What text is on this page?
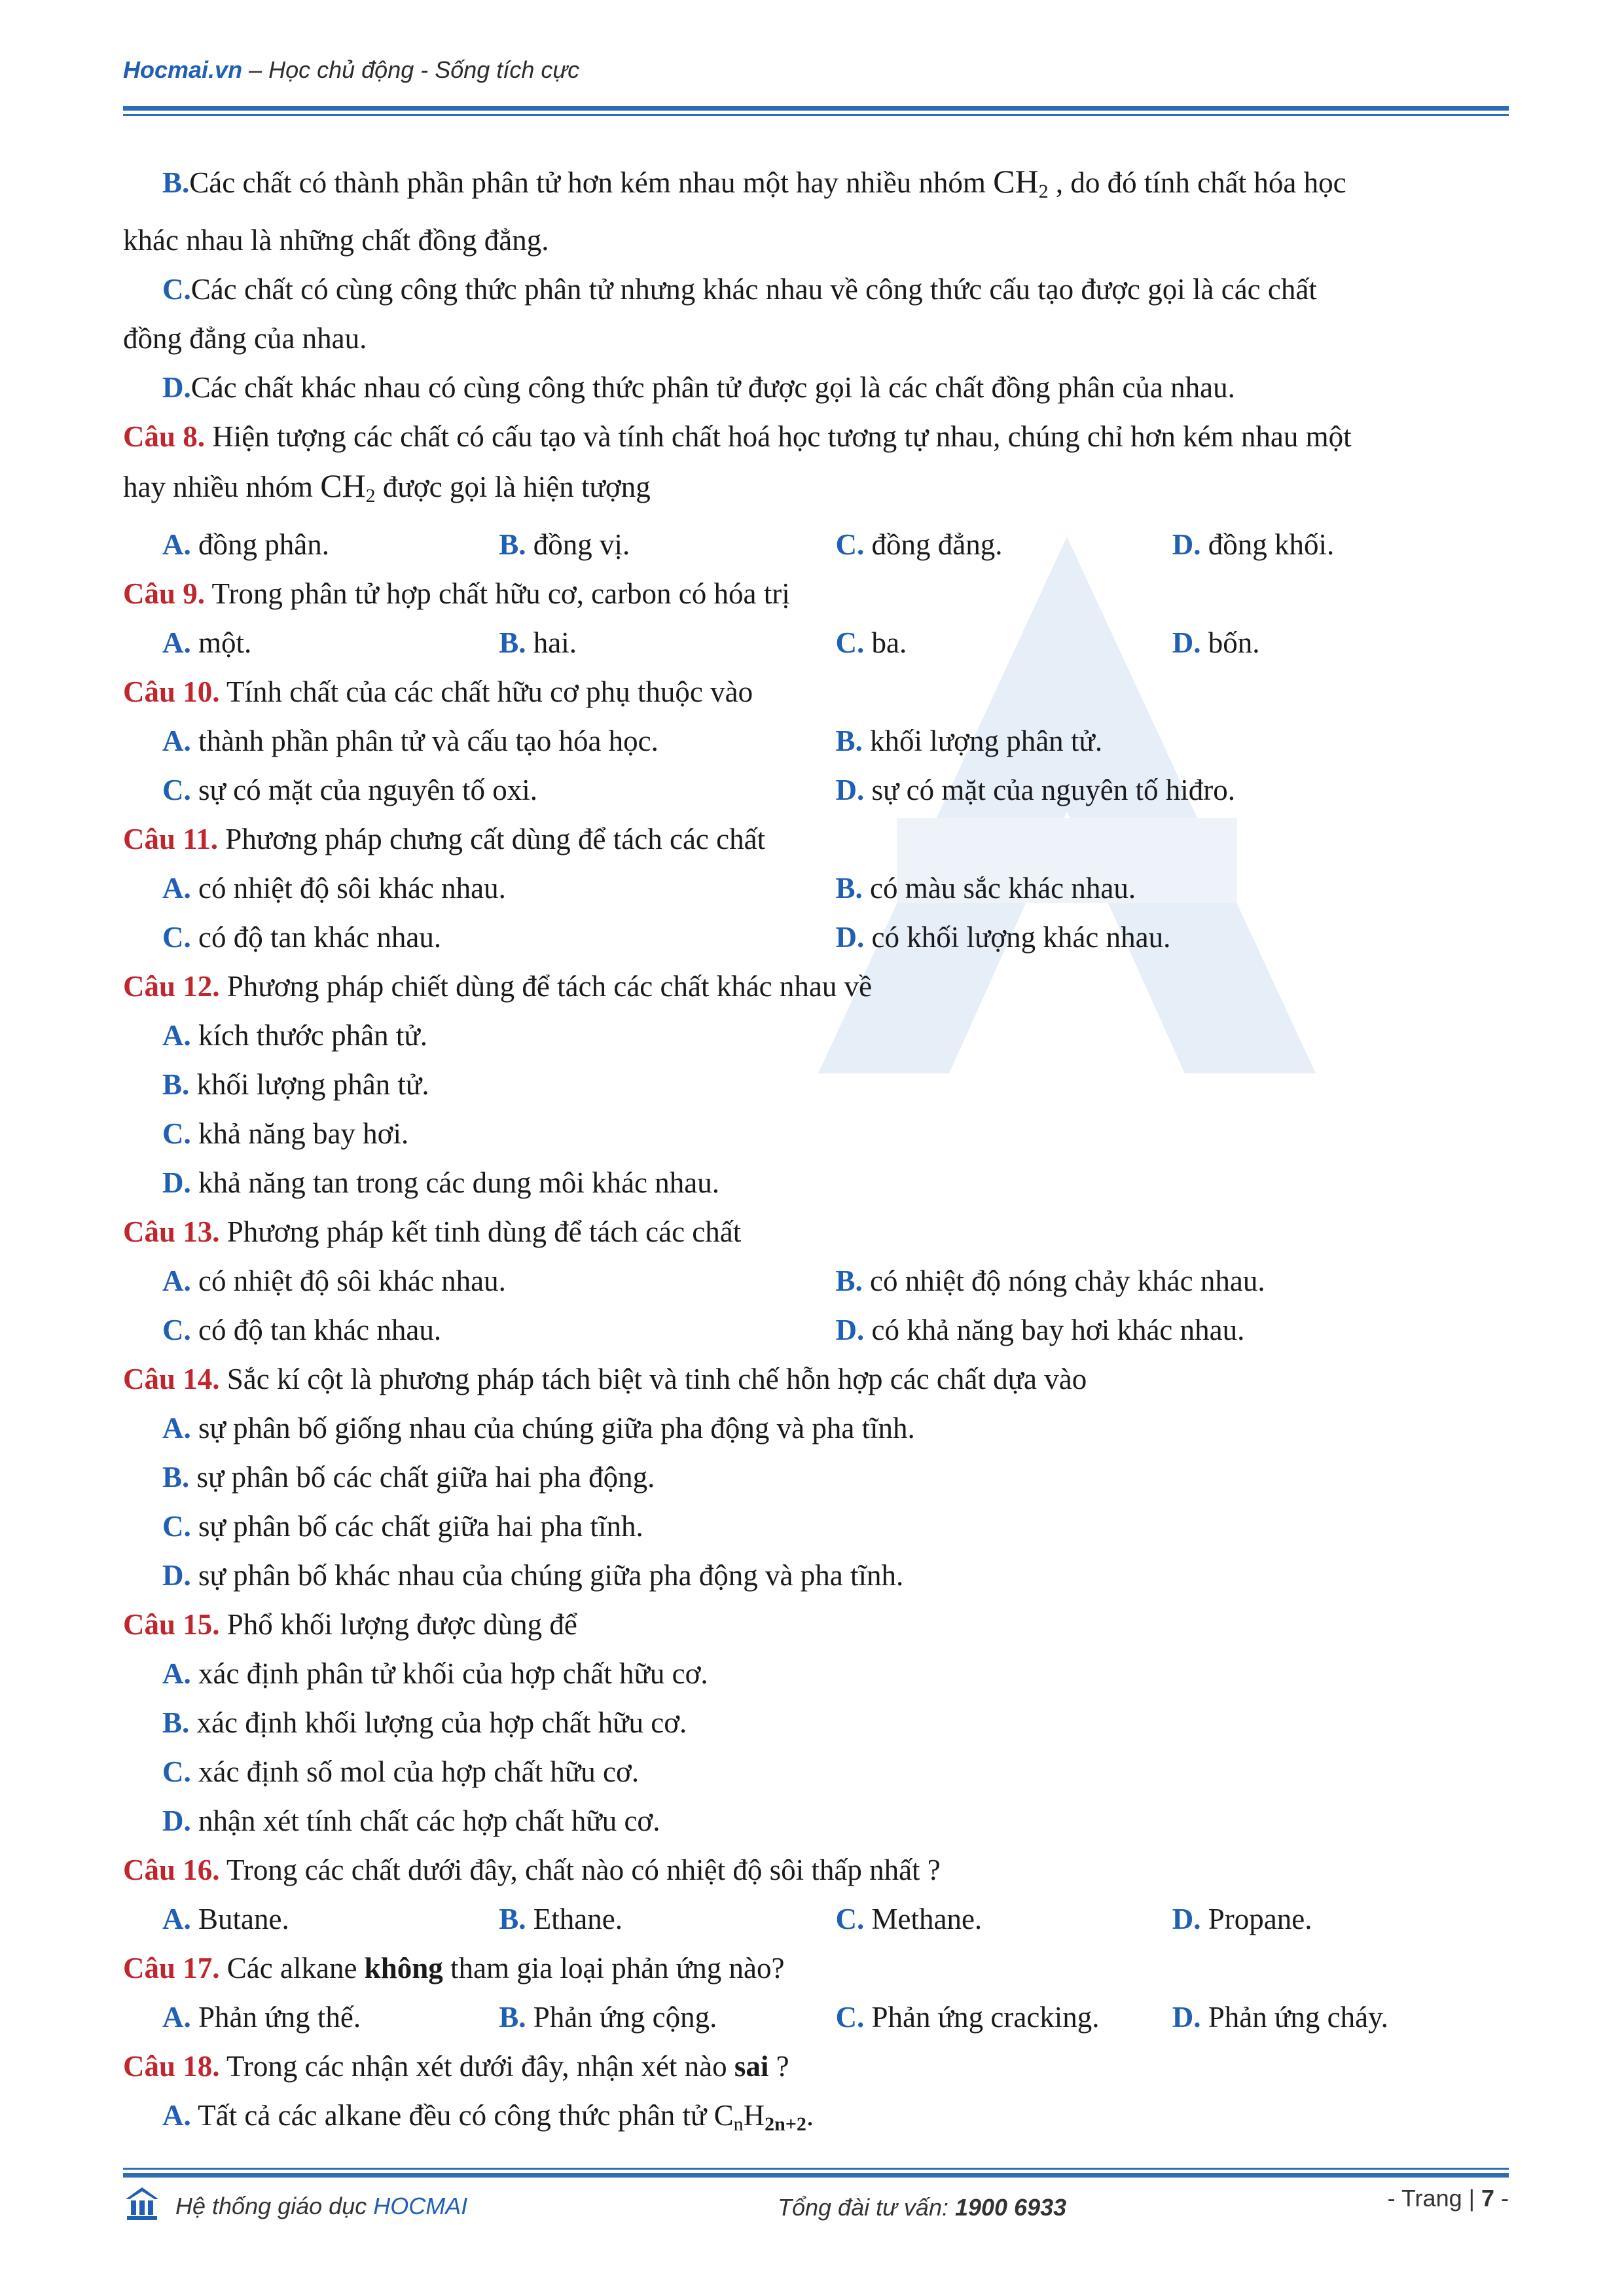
Hocmai.vn – Học chủ động - Sống tích cực
B.Các chất có thành phần phân tử hơn kém nhau một hay nhiều nhóm $CH_2$ , do đó tính chất hóa học
khác nhau là những chất đồng đẳng.
C.Các chất có cùng công thức phân tử nhưng khác nhau về công thức cấu tạo được gọi là các chất
đồng đẳng của nhau.
D.Các chất khác nhau có cùng công thức phân tử được gọi là các chất đồng phân của nhau.
Câu 8. Hiện tượng các chất có cấu tạo và tính chất hoá học tương tự nhau, chúng chỉ hơn kém nhau một
hay nhiều nhóm $CH_2$ được gọi là hiện tượng
A. đồng phân.	B. đồng vị.	C. đồng đẳng.	D. đồng khối.
Câu 9. Trong phân tử hợp chất hữu cơ, carbon có hóa trị
A. một.	B. hai.	C. ba.	D. bốn.
Câu 10. Tính chất của các chất hữu cơ phụ thuộc vào
A. thành phần phân tử và cấu tạo hóa học.	B. khối lượng phân tử.
C. sự có mặt của nguyên tố oxi.	D. sự có mặt của nguyên tố hiđro.
Câu 11. Phương pháp chưng cất dùng để tách các chất
A. có nhiệt độ sôi khác nhau.	B. có màu sắc khác nhau.
C. có độ tan khác nhau.	D. có khối lượng khác nhau.
Câu 12. Phương pháp chiết dùng để tách các chất khác nhau về
A. kích thước phân tử.
B. khối lượng phân tử.
C. khả năng bay hơi.
D. khả năng tan trong các dung môi khác nhau.
Câu 13. Phương pháp kết tinh dùng để tách các chất
A. có nhiệt độ sôi khác nhau.	B. có nhiệt độ nóng chảy khác nhau.
C. có độ tan khác nhau.	D. có khả năng bay hơi khác nhau.
Câu 14. Sắc kí cột là phương pháp tách biệt và tinh chế hỗn hợp các chất dựa vào
A. sự phân bố giống nhau của chúng giữa pha động và pha tĩnh.
B. sự phân bố các chất giữa hai pha động.
C. sự phân bố các chất giữa hai pha tĩnh.
D. sự phân bố khác nhau của chúng giữa pha động và pha tĩnh.
Câu 15. Phổ khối lượng được dùng để
A. xác định phân tử khối của hợp chất hữu cơ.
B. xác định khối lượng của hợp chất hữu cơ.
C. xác định số mol của hợp chất hữu cơ.
D. nhận xét tính chất các hợp chất hữu cơ.
Câu 16. Trong các chất dưới đây, chất nào có nhiệt độ sôi thấp nhất ?
A. Butane.	B. Ethane.	C. Methane.	D. Propane.
Câu 17. Các alkane không tham gia loại phản ứng nào?
A. Phản ứng thế.	B. Phản ứng cộng.	C. Phản ứng cracking.	D. Phản ứng cháy.
Câu 18. Trong các nhận xét dưới đây, nhận xét nào sai ?
A. Tất cả các alkane đều có công thức phân tử $C_nH_{2n+2}$.
Hệ thống giáo dục HOCMAI	Tổng đài tư vấn: 1900 6933	- Trang | 7 -
